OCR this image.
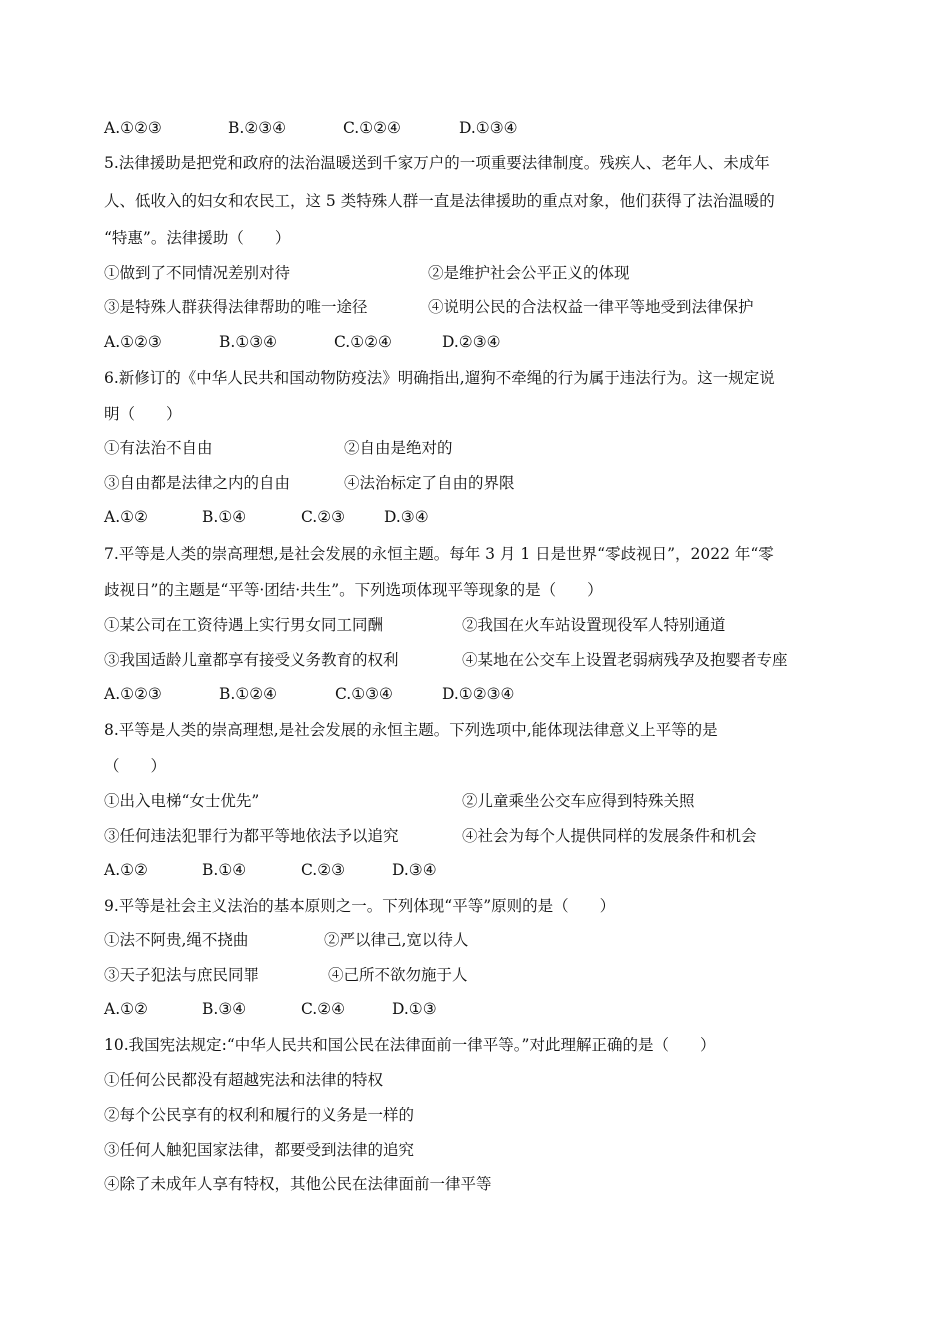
A.①②③	B.②③④	C.①②④	D.①③④
5.法律援助是把党和政府的法治温暖送到千家万户的一项重要法律制度。残疾人、老年人、未成年
人、低收入的妇女和农民工，这 5 类特殊人群一直是法律援助的重点对象，他们获得了法治温暖的
“特惠”。法律援助（　　）
①做到了不同情况差别对待	②是维护社会公平正义的体现
③是特殊人群获得法律帮助的唯一途径	④说明公民的合法权益一律平等地受到法律保护
A.①②③	B.①③④	C.①②④	D.②③④
6.新修订的《中华人民共和国动物防疫法》明确指出,遛狗不牵绳的行为属于违法行为。这一规定说
明（　　）
①有法治不自由	②自由是绝对的
③自由都是法律之内的自由	④法治标定了自由的界限
A.①②	B.①④	C.②③	D.③④
7.平等是人类的崇高理想,是社会发展的永恒主题。每年 3 月 1 日是世界“零歧视日”，2022 年“零
歧视日”的主题是“平等·团结·共生”。下列选项体现平等现象的是（　　）
①某公司在工资待遇上实行男女同工同酬	②我国在火车站设置现役军人特别通道
③我国适龄儿童都享有接受义务教育的权利	④某地在公交车上设置老弱病残孕及抱婴者专座
A.①②③	B.①②④	C.①③④	D.①②③④
8.平等是人类的崇高理想,是社会发展的永恒主题。下列选项中,能体现法律意义上平等的是
（　　）
①出入电梯“女士优先”	②儿童乘坐公交车应得到特殊关照
③任何违法犯罪行为都平等地依法予以追究	④社会为每个人提供同样的发展条件和机会
A.①②	B.①④	C.②③	D.③④
9.平等是社会主义法治的基本原则之一。下列体现“平等”原则的是（　　）
①法不阿贵,绳不挠曲	②严以律己,宽以待人
③天子犯法与庶民同罪	④己所不欲勿施于人
A.①②	B.③④	C.②④	D.①③
10.我国宪法规定:“中华人民共和国公民在法律面前一律平等。”对此理解正确的是（　　）
①任何公民都没有超越宪法和法律的特权
②每个公民享有的权利和履行的义务是一样的
③任何人触犯国家法律，都要受到法律的追究
④除了未成年人享有特权，其他公民在法律面前一律平等
